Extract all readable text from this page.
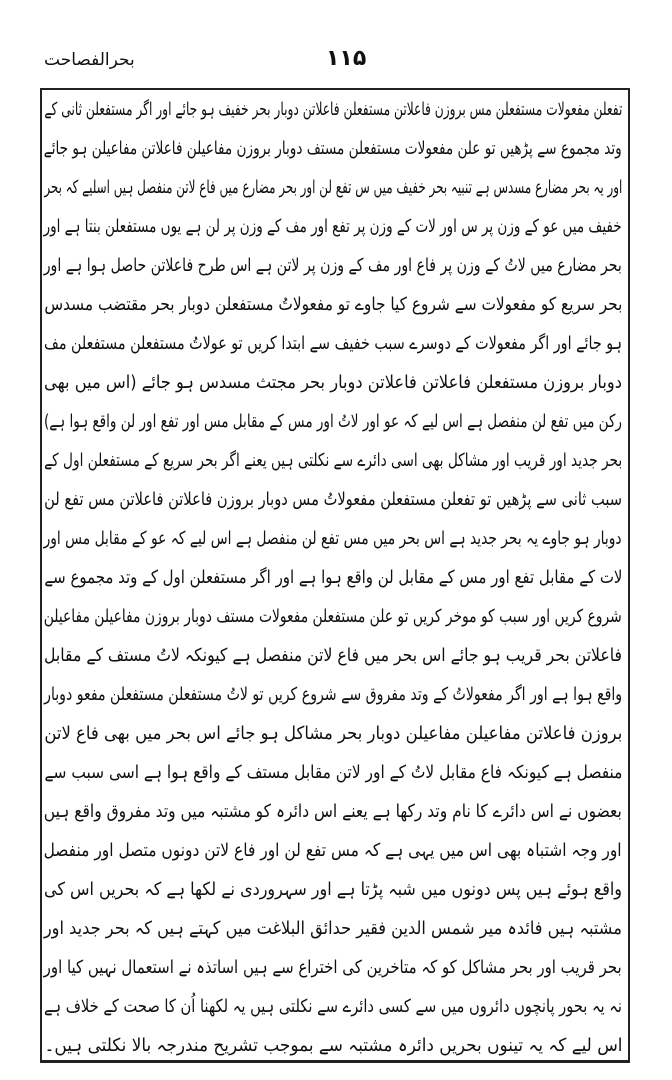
بحرالفصاحت	۱۱۵
تفعلن مفعولات مستفعلن مس بروزن فاعلاتن مستفعلن فاعلاتن دوبار بحر خفیف ہو جائے اور اگر مستفعلن ثانی کے
وتد مجموع سے پڑھیں تو علن مفعولات مستفعلن مستف دوبار بروزن مفاعیلن فاعلاتن مفاعیلن ہو جائے
اور یہ بحر مضارع مسدس ہے تنبیہ بحر خفیف میں س تفع لن اور بحر مضارع میں فاع لاتن منفصل ہیں اسلیے کہ بحر
خفیف میں عو کے وزن پر س اور لات کے وزن پر تفع اور مف کے وزن پر لن ہے یوں مستفعلن بنتا ہے اور
بحر مضارع میں لاتُ کے وزن پر فاع اور مف کے وزن پر لاتن ہے اس طرح فاعلاتن حاصل ہوا ہے اور
بحر سریع کو مفعولات سے شروع کیا جاوے تو مفعولاتُ مستفعلن دوبار بحر مقتضب مسدس
ہو جائے اور اگر مفعولات کے دوسرے سبب خفیف سے ابتدا کریں تو عولاتُ مستفعلن مستفعلن مف
دوبار بروزن مستفعلن فاعلاتن فاعلاتن دوبار بحر مجتث مسدس ہو جائے (اس میں بھی
رکن میں تفع لن منفصل ہے اس لیے کہ عو اور لاتُ اور مس کے مقابل مس اور تفع اور لن واقع ہوا ہے)
بحر جدید اور قریب اور مشاکل بھی اسی دائرے سے نکلتی ہیں یعنے اگر بحر سریع کے مستفعلن اول کے
سبب ثانی سے پڑھیں تو تفعلن مستفعلن مفعولاتُ مس دوبار بروزن فاعلاتن فاعلاتن مس تفع لن
دوبار ہو جاوے یہ بحر جدید ہے اس بحر میں مس تفع لن منفصل ہے اس لیے کہ عو کے مقابل مس اور
لات کے مقابل تفع اور مس کے مقابل لن واقع ہوا ہے اور اگر مستفعلن اول کے وتد مجموع سے
شروع کریں اور سبب کو موخر کریں تو علن مستفعلن مفعولات مستف دوبار بروزن مفاعیلن مفاعیلن
فاعلاتن بحر قریب ہو جائے اس بحر میں فاع لاتن منفصل ہے کیونکہ لاتُ مستف کے مقابل
واقع ہوا ہے اور اگر مفعولاتُ کے وتد مفروق سے شروع کریں تو لاتُ مستفعلن مستفعلن مفعو دوبار
بروزن فاعلاتن مفاعیلن مفاعیلن دوبار بحر مشاکل ہو جائے اس بحر میں بھی فاع لاتن
منفصل ہے کیونکہ فاع مقابل لاتُ کے اور لاتن مقابل مستف کے واقع ہوا ہے اسی سبب سے
بعضوں نے اس دائرے کا نام وتد رکھا ہے یعنے اس دائرہ کو مشتبہ میں وتد مفروق واقع ہیں
اور وجہ اشتباہ بھی اس میں یہی ہے کہ مس تفع لن اور فاع لاتن دونوں متصل اور منفصل
واقع ہوئے ہیں پس دونوں میں شبہ پڑتا ہے اور سہروردی نے لکھا ہے کہ بحریں اس کی
مشتبہ ہیں فائدہ میر شمس الدین فقیر حدائق البلاغت میں کہتے ہیں کہ بحر جدید اور
بحر قریب اور بحر مشاکل کو کہ متاخرین کی اختراع سے ہیں اساتذہ نے استعمال نہیں کیا اور
نہ یہ بحور پانچوں دائروں میں سے کسی دائرے سے نکلتی ہیں یہ لکھنا اُن کا صحت کے خلاف ہے
اس لیے کہ یہ تینوں بحریں دائرہ مشتبہ سے بموجب تشریح مندرجہ بالا نکلتی ہیں۔
